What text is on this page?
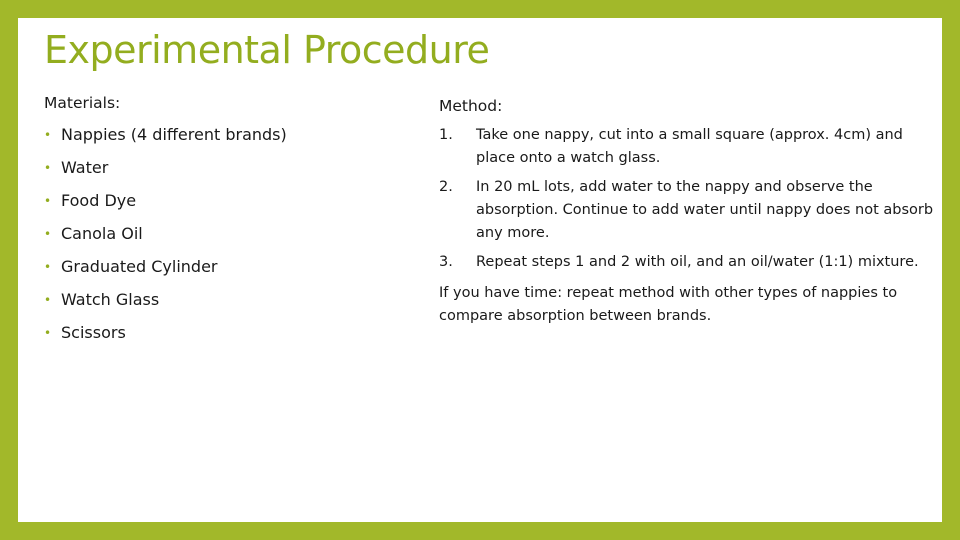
Experimental Procedure
Materials:
• Nappies (4 different brands)
• Water
• Food Dye
• Canola Oil
• Graduated Cylinder
• Watch Glass
• Scissors
Method:
1.	Take one nappy, cut into a small square (approx. 4cm) and place onto a watch glass.
2.	In 20 mL lots, add water to the nappy and observe the absorption. Continue to add water until nappy does not absorb any more.
3.	Repeat steps 1 and 2 with oil, and an oil/water (1:1) mixture.

If you have time: repeat method with other types of nappies to compare absorption between brands.
